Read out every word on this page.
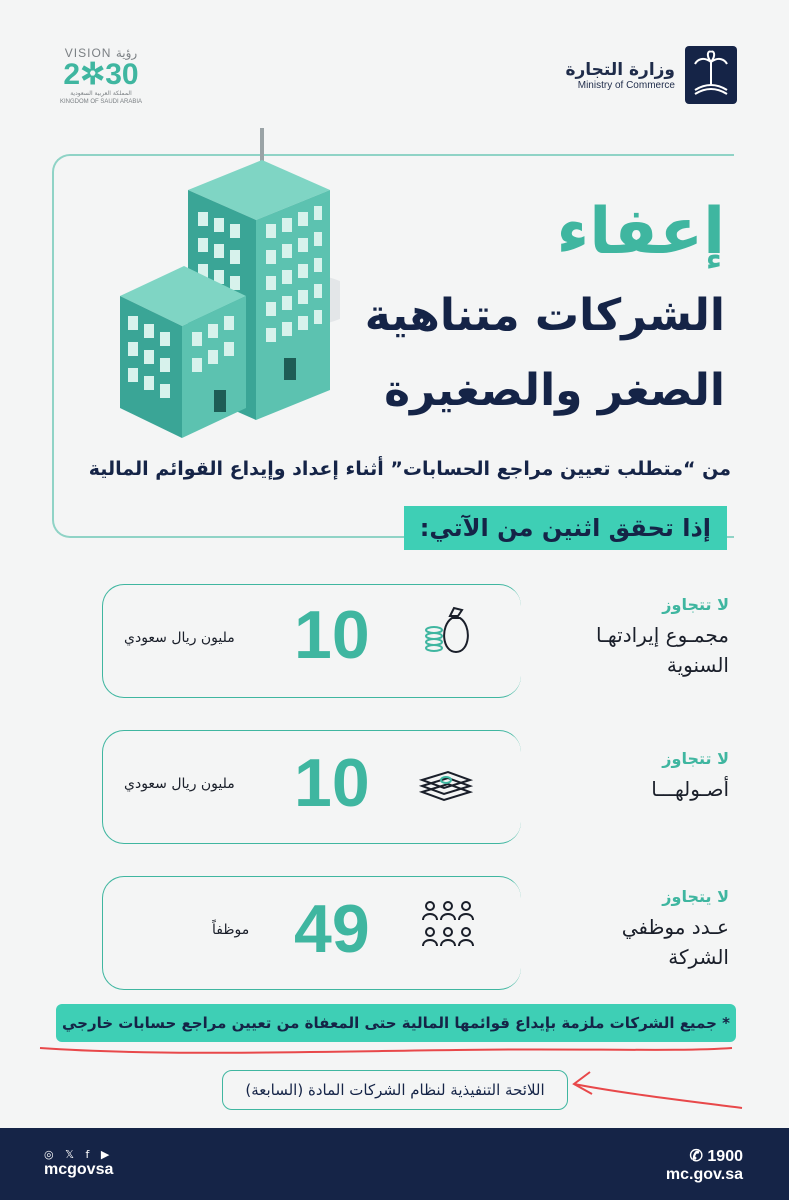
VISION رؤية
2✲30
المملكة العربية السعودية
KINGDOM OF SAUDI ARABIA
وزارة التجارة
Ministry of Commerce
إعفاء
الشركات متناهية
الصغر والصغيرة
من “متطلب تعيين مراجع الحسابات” أثناء إعداد وإيداع القوائم المالية
إذا تحقق اثنين من الآتي:
لا تتجاوز
مجمـوع إيرادتهـا السنوية
10
مليون ريال سعودي
لا تتجاوز
أصـولهـــا
10
مليون ريال سعودي
لا يتجاوز
عـدد موظفي الشركة
49
موظفاً
* جميع الشركات ملزمة بإيداع قوائمها المالية حتى المعفاة من تعيين مراجع حسابات خارجي
اللائحة التنفيذية لنظام الشركات المادة (السابعة)
◎ 𝕏 f ▶
mcgovsa
✆ 1900
mc.gov.sa
